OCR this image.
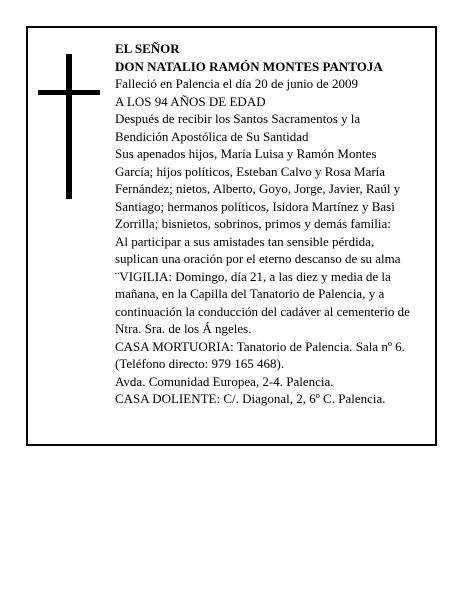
EL SEÑOR
DON NATALIO RAMÓN MONTES PANTOJA
Falleció en Palencia el día 20 de junio de 2009
A LOS 94 AÑOS DE EDAD
Después de recibir los Santos Sacramentos y la Bendición Apostólica de Su Santidad
Sus apenados hijos, María Luisa y Ramón Montes García; hijos políticos, Esteban Calvo y Rosa María Fernández; nietos, Alberto, Goyo, Jorge, Javier, Raúl y Santiago; hermanos políticos, Isidora Martínez y Basi Zorrilla; bisnietos, sobrinos, primos y demás familia:
Al participar a sus amistades tan sensible pérdida, suplican una oración por el eterno descanso de su alma
¨VIGILIA: Domingo, día 21, a las diez y media de la mañana, en la Capilla del Tanatorio de Palencia, y a continuación la conducción del cadáver al cementerio de Ntra. Sra. de los Á ngeles.
CASA MORTUORIA: Tanatorio de Palencia. Sala nº 6. (Teléfono directo: 979 165 468).
Avda. Comunidad Europea, 2-4. Palencia.
CASA DOLIENTE: C/. Diagonal, 2, 6º C. Palencia.
